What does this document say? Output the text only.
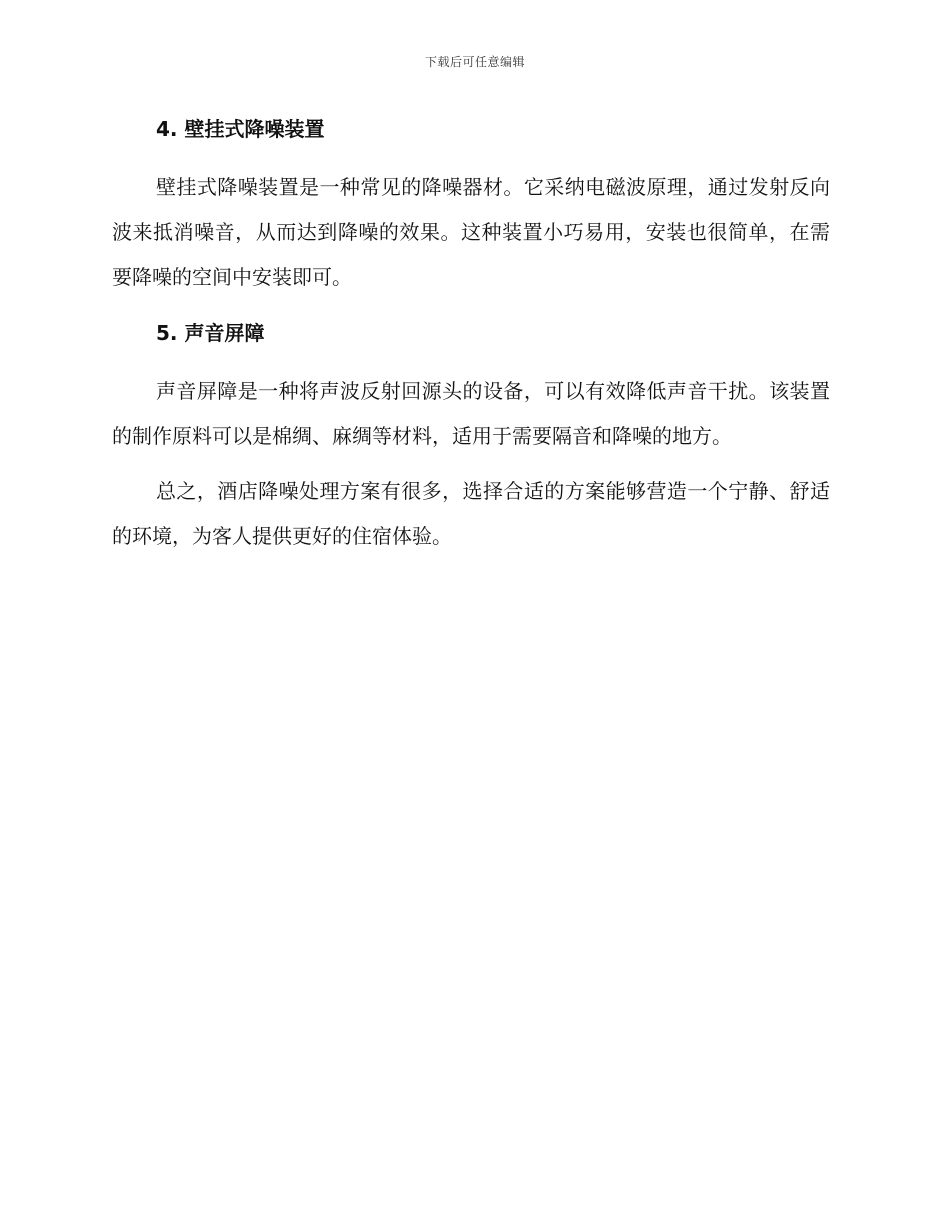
下载后可任意编辑
4. 壁挂式降噪装置

壁挂式降噪装置是一种常见的降噪器材。它采纳电磁波原理，通过发射反向波来抵消噪音，从而达到降噪的效果。这种装置小巧易用，安装也很简单，在需要降噪的空间中安装即可。

5. 声音屏障

声音屏障是一种将声波反射回源头的设备，可以有效降低声音干扰。该装置的制作原料可以是棉绸、麻绸等材料，适用于需要隔音和降噪的地方。

总之，酒店降噪处理方案有很多，选择合适的方案能够营造一个宁静、舒适的环境，为客人提供更好的住宿体验。
